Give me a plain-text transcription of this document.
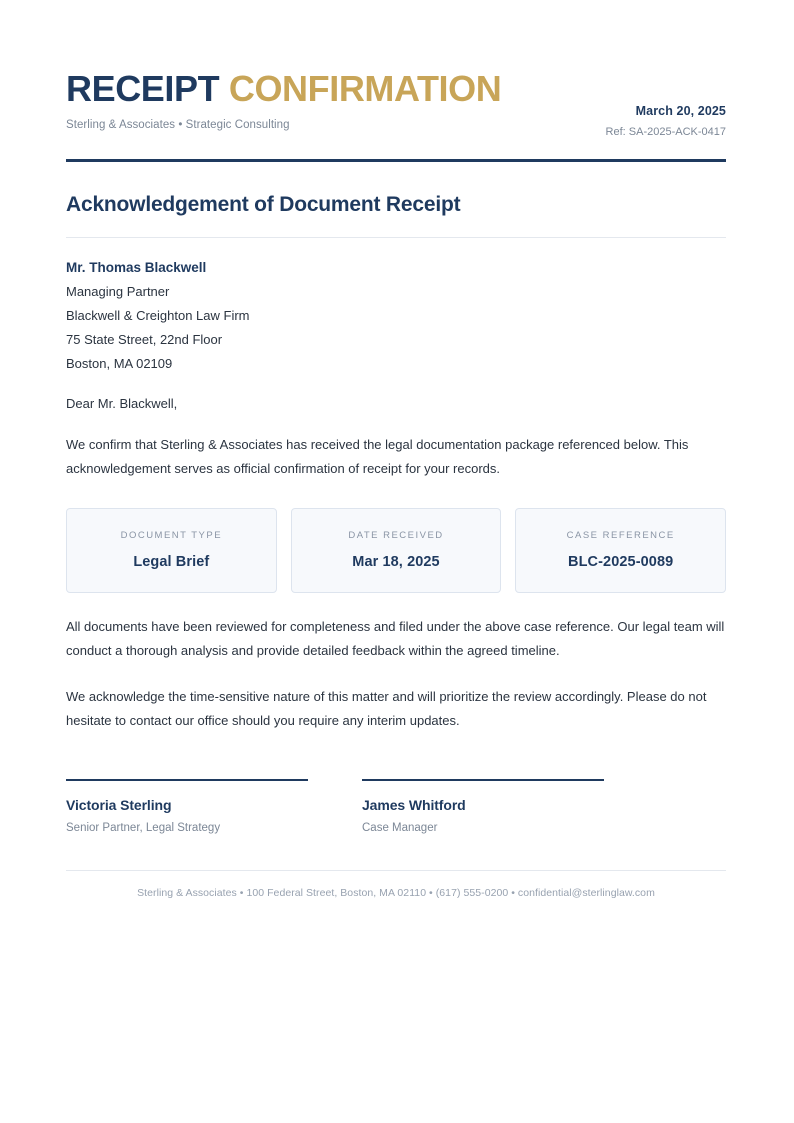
RECEIPT CONFIRMATION
Sterling & Associates • Strategic Consulting
March 20, 2025
Ref: SA-2025-ACK-0417
Acknowledgement of Document Receipt
Mr. Thomas Blackwell
Managing Partner
Blackwell & Creighton Law Firm
75 State Street, 22nd Floor
Boston, MA 02109
Dear Mr. Blackwell,

We confirm that Sterling & Associates has received the legal documentation package referenced below. This acknowledgement serves as official confirmation of receipt for your records.

DOCUMENT TYPE
Legal Brief
DATE RECEIVED
Mar 18, 2025
CASE REFERENCE
BLC-2025-0089

All documents have been reviewed for completeness and filed under the above case reference. Our legal team will conduct a thorough analysis and provide detailed feedback within the agreed timeline.

We acknowledge the time-sensitive nature of this matter and will prioritize the review accordingly. Please do not hesitate to contact our office should you require any interim updates.

Victoria Sterling
Senior Partner, Legal Strategy
James Whitford
Case Manager
Sterling & Associates • 100 Federal Street, Boston, MA 02110 • (617) 555-0200 • confidential@sterlinglaw.com
